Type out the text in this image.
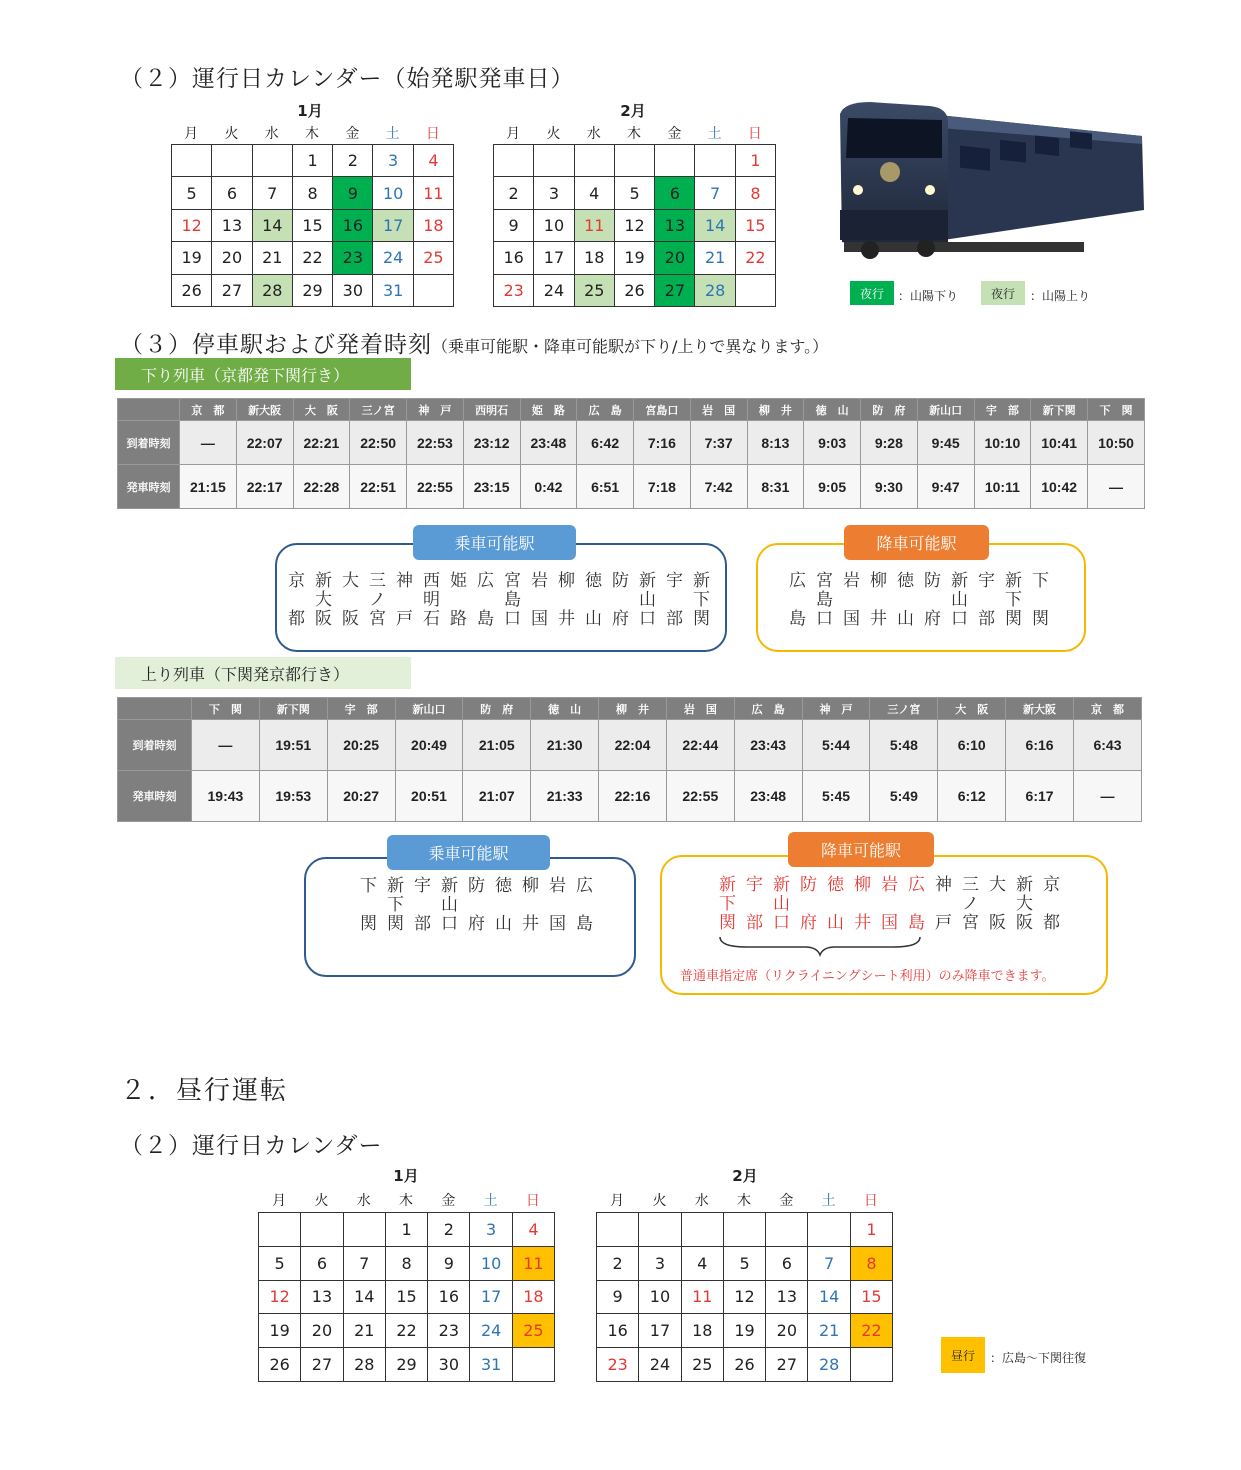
（２）運行日カレンダー（始発駅発車日）
1月
月	火	水	木	金	土	日
			1	2	3	4
5	6	7	8	9	10	11
12	13	14	15	16	17	18
19	20	21	22	23	24	25
26	27	28	29	30	31	
2月
月	火	水	木	金	土	日
						1
2	3	4	5	6	7	8
9	10	11	12	13	14	15
16	17	18	19	20	21	22
23	24	25	26	27	28		夜行	：山陽下り	夜行	：山陽上り
（３）停車駅および発着時刻（乗車可能駅・降車可能駅が下り/上りで異なります。）
下り列車（京都発下関行き）
	京　都	新大阪	大　阪	三ノ宮	神　戸	西明石	姫　路	広　島	宮島口	岩　国	柳　井	徳　山	防　府	新山口	宇　部	新下関	下　関
到着時刻	—	22:07	22:21	22:50	22:53	23:12	23:48	6:42	7:16	7:37	8:13	9:03	9:28	9:45	10:10	10:41	10:50
発車時刻	21:15	22:17	22:28	22:51	22:55	23:15	0:42	6:51	7:18	7:42	8:31	9:05	9:30	9:47	10:11	10:42	—
乗車可能駅
京
都
新
大
阪
大
阪
三
ノ
宮
神
戸
西
明
石
姫
路
広
島
宮
島
口
岩
国
柳
井
徳
山
防
府
新
山
口
宇
部
新
下
関
降車可能駅
広
島
宮
島
口
岩
国
柳
井
徳
山
防
府
新
山
口
宇
部
新
下
関
下
関
上り列車（下関発京都行き）
	下　関	新下関	宇　部	新山口	防　府	徳　山	柳　井	岩　国	広　島	神　戸	三ノ宮	大　阪	新大阪	京　都
到着時刻	—	19:51	20:25	20:49	21:05	21:30	22:04	22:44	23:43	5:44	5:48	6:10	6:16	6:43
発車時刻	19:43	19:53	20:27	20:51	21:07	21:33	22:16	22:55	23:48	5:45	5:49	6:12	6:17	—
乗車可能駅
下
関
新
下
関
宇
部
新
山
口
防
府
徳
山
柳
井
岩
国
広
島
降車可能駅
新
下
関
宇
部
新
山
口
防
府
徳
山
柳
井
岩
国
広
島
神
戸
三
ノ
宮
大
阪
新
大
阪
京
都
普通車指定席（リクライニングシート利用）のみ降車できます。
２．昼行運転
（２）運行日カレンダー
1月
月	火	水	木	金	土	日
			1	2	3	4
5	6	7	8	9	10	11
12	13	14	15	16	17	18
19	20	21	22	23	24	25
26	27	28	29	30	31	
2月
月	火	水	木	金	土	日
						1
2	3	4	5	6	7	8
9	10	11	12	13	14	15
16	17	18	19	20	21	22
23	24	25	26	27	28		昼行	：広島～下関往復
